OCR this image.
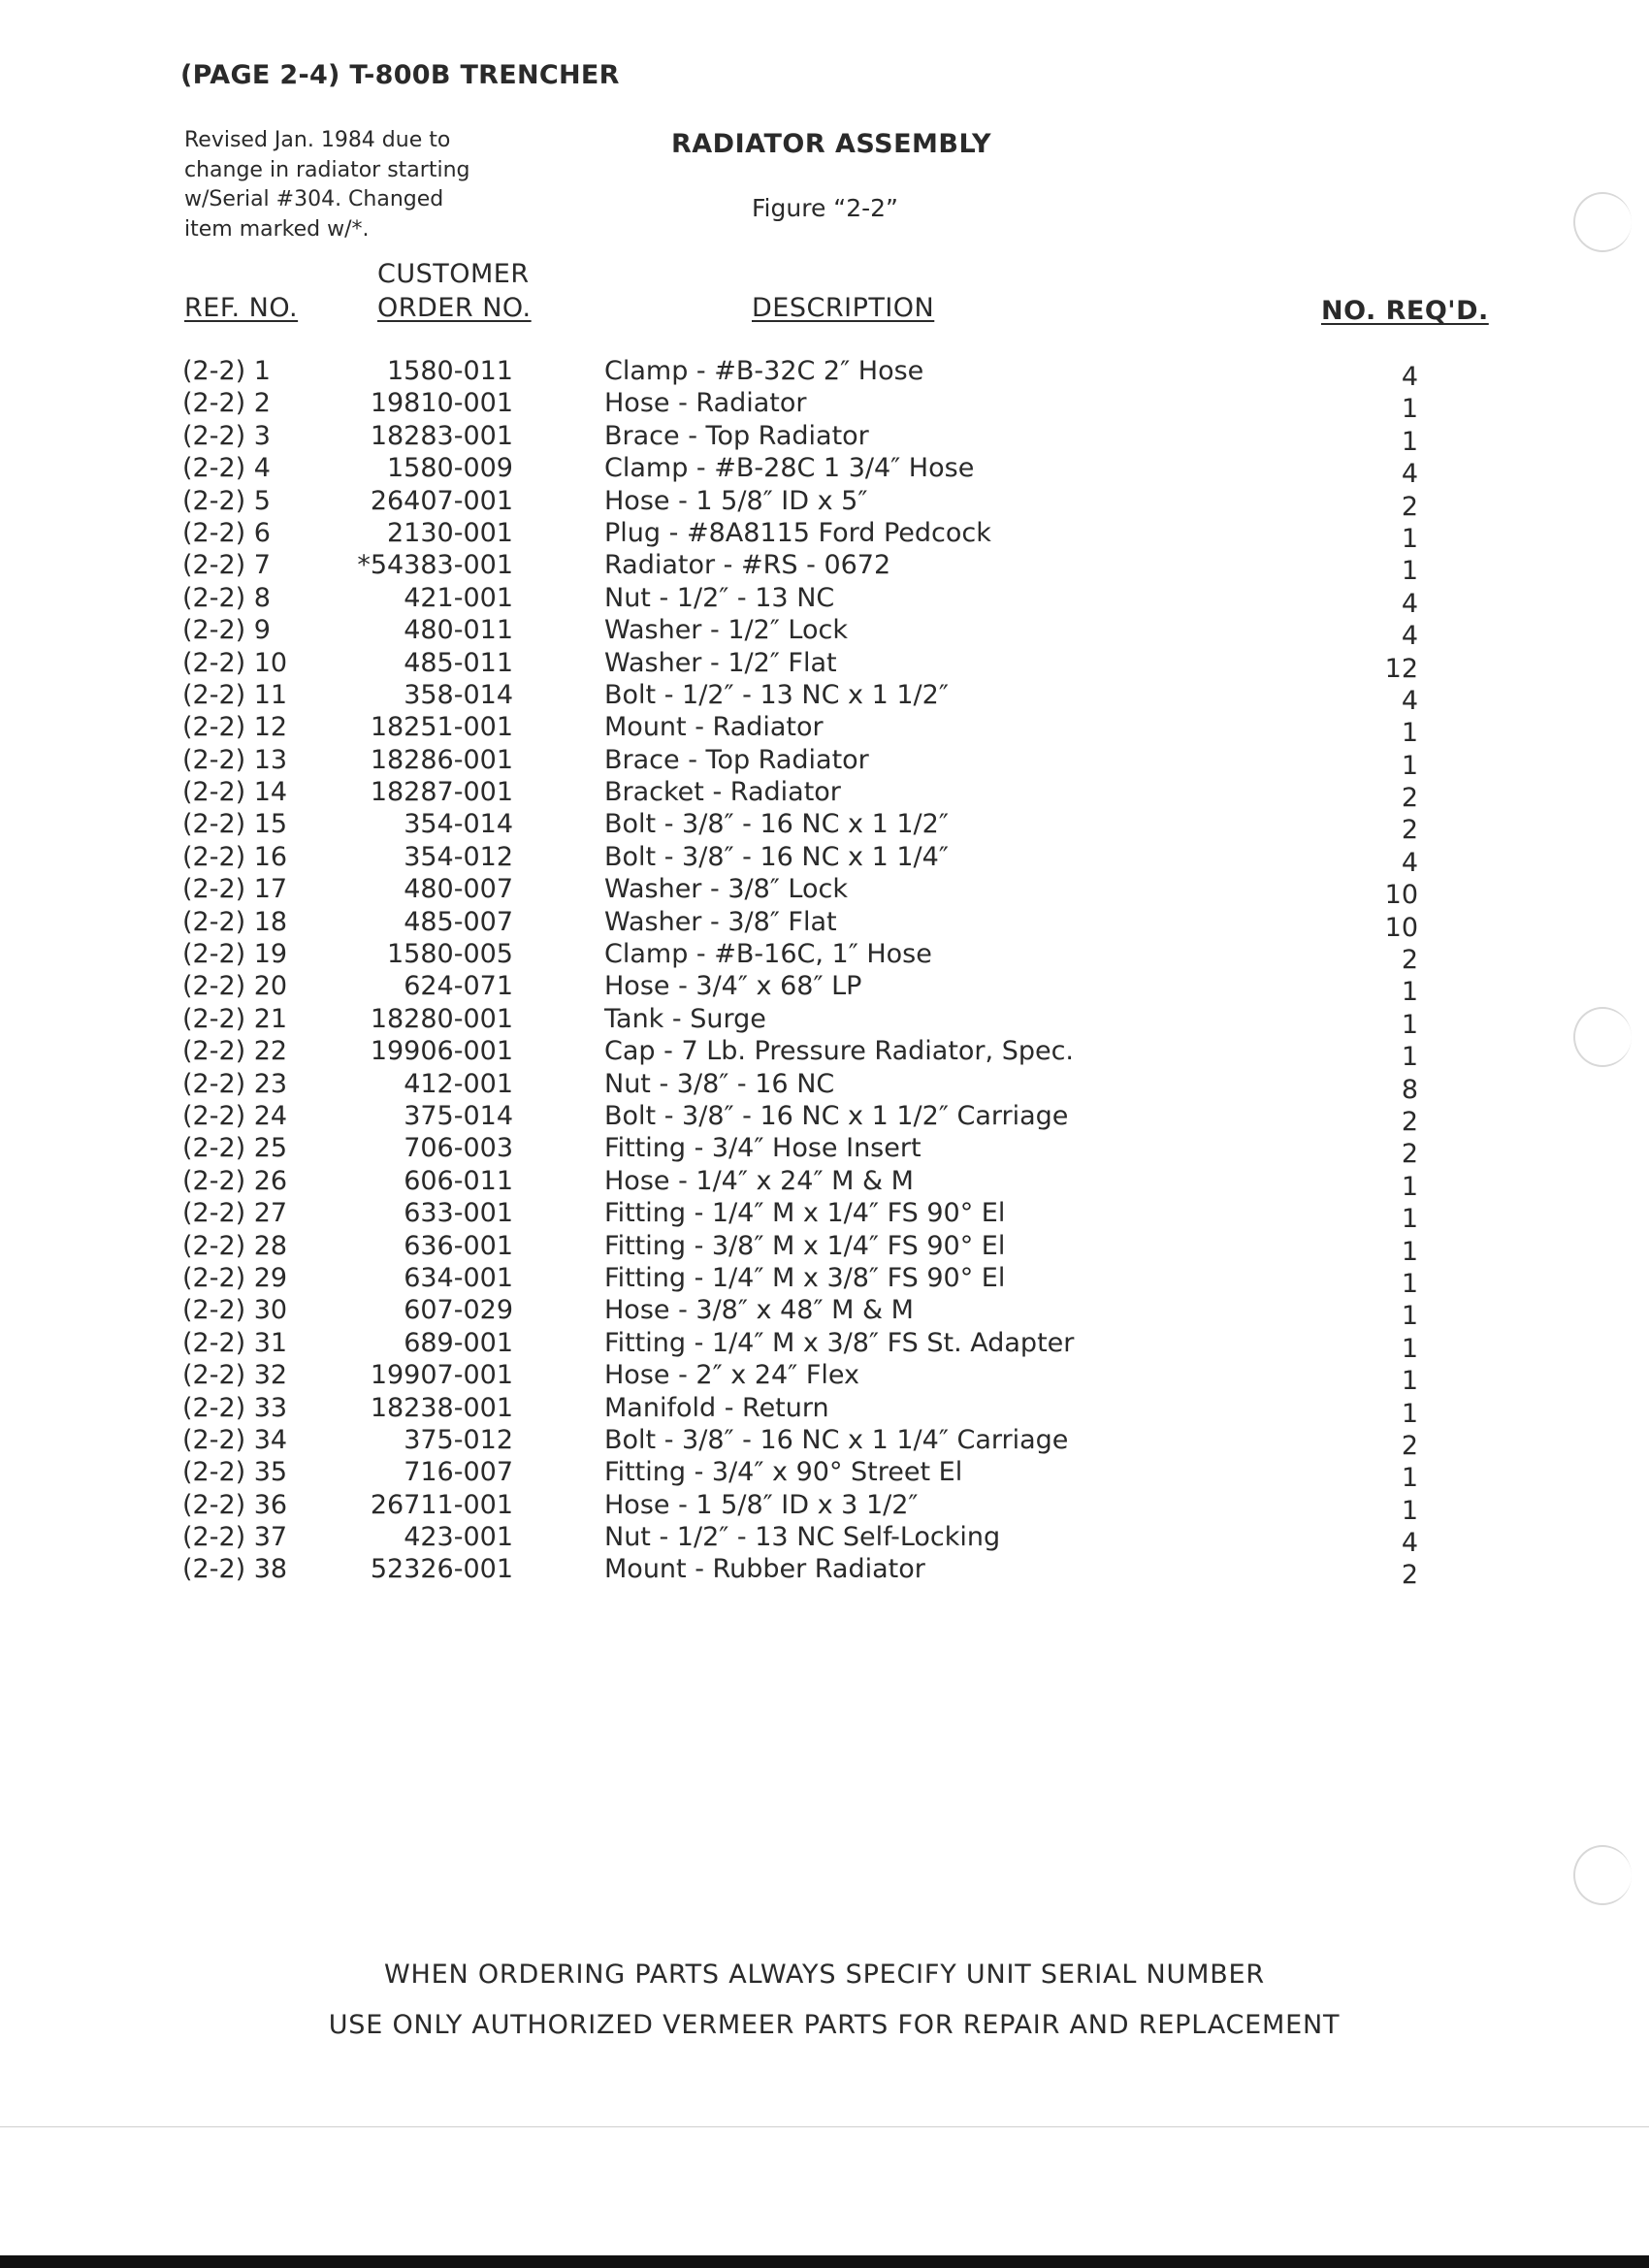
(PAGE 2-4) T-800B TRENCHER
Revised Jan. 1984 due to
change in radiator starting
w/Serial #304. Changed
item marked w/*.
RADIATOR ASSEMBLY
Figure “2-2”
REF. NO.
CUSTOMER
ORDER NO.	DESCRIPTION	NO. REQ'D.
(2-2) 1	1580-011	Clamp - #B-32C 2″ Hose	4
(2-2) 2	19810-001	Hose - Radiator	1
(2-2) 3	18283-001	Brace - Top Radiator	1
(2-2) 4	1580-009	Clamp - #B-28C 1 3/4″ Hose	4
(2-2) 5	26407-001	Hose - 1 5/8″ ID x 5″	2
(2-2) 6	2130-001	Plug - #8A8115 Ford Pedcock	1
(2-2) 7	*54383-001	Radiator - #RS - 0672	1
(2-2) 8	421-001	Nut - 1/2″ - 13 NC	4
(2-2) 9	480-011	Washer - 1/2″ Lock	4
(2-2) 10	485-011	Washer - 1/2″ Flat	12
(2-2) 11	358-014	Bolt - 1/2″ - 13 NC x 1 1/2″	4
(2-2) 12	18251-001	Mount - Radiator	1
(2-2) 13	18286-001	Brace - Top Radiator	1
(2-2) 14	18287-001	Bracket - Radiator	2
(2-2) 15	354-014	Bolt - 3/8″ - 16 NC x 1 1/2″	2
(2-2) 16	354-012	Bolt - 3/8″ - 16 NC x 1 1/4″	4
(2-2) 17	480-007	Washer - 3/8″ Lock	10
(2-2) 18	485-007	Washer - 3/8″ Flat	10
(2-2) 19	1580-005	Clamp - #B-16C, 1″ Hose	2
(2-2) 20	624-071	Hose - 3/4″ x 68″ LP	1
(2-2) 21	18280-001	Tank - Surge	1
(2-2) 22	19906-001	Cap - 7 Lb. Pressure Radiator, Spec.	1
(2-2) 23	412-001	Nut - 3/8″ - 16 NC	8
(2-2) 24	375-014	Bolt - 3/8″ - 16 NC x 1 1/2″ Carriage	2
(2-2) 25	706-003	Fitting - 3/4″ Hose Insert	2
(2-2) 26	606-011	Hose - 1/4″ x 24″ M & M	1
(2-2) 27	633-001	Fitting - 1/4″ M x 1/4″ FS 90° El	1
(2-2) 28	636-001	Fitting - 3/8″ M x 1/4″ FS 90° El	1
(2-2) 29	634-001	Fitting - 1/4″ M x 3/8″ FS 90° El	1
(2-2) 30	607-029	Hose - 3/8″ x 48″ M & M	1
(2-2) 31	689-001	Fitting - 1/4″ M x 3/8″ FS St. Adapter	1
(2-2) 32	19907-001	Hose - 2″ x 24″ Flex	1
(2-2) 33	18238-001	Manifold - Return	1
(2-2) 34	375-012	Bolt - 3/8″ - 16 NC x 1 1/4″ Carriage	2
(2-2) 35	716-007	Fitting - 3/4″ x 90° Street El	1
(2-2) 36	26711-001	Hose - 1 5/8″ ID x 3 1/2″	1
(2-2) 37	423-001	Nut - 1/2″ - 13 NC Self-Locking	4
(2-2) 38	52326-001	Mount - Rubber Radiator	2
WHEN ORDERING PARTS ALWAYS SPECIFY UNIT SERIAL NUMBER
USE ONLY AUTHORIZED VERMEER PARTS FOR REPAIR AND REPLACEMENT
